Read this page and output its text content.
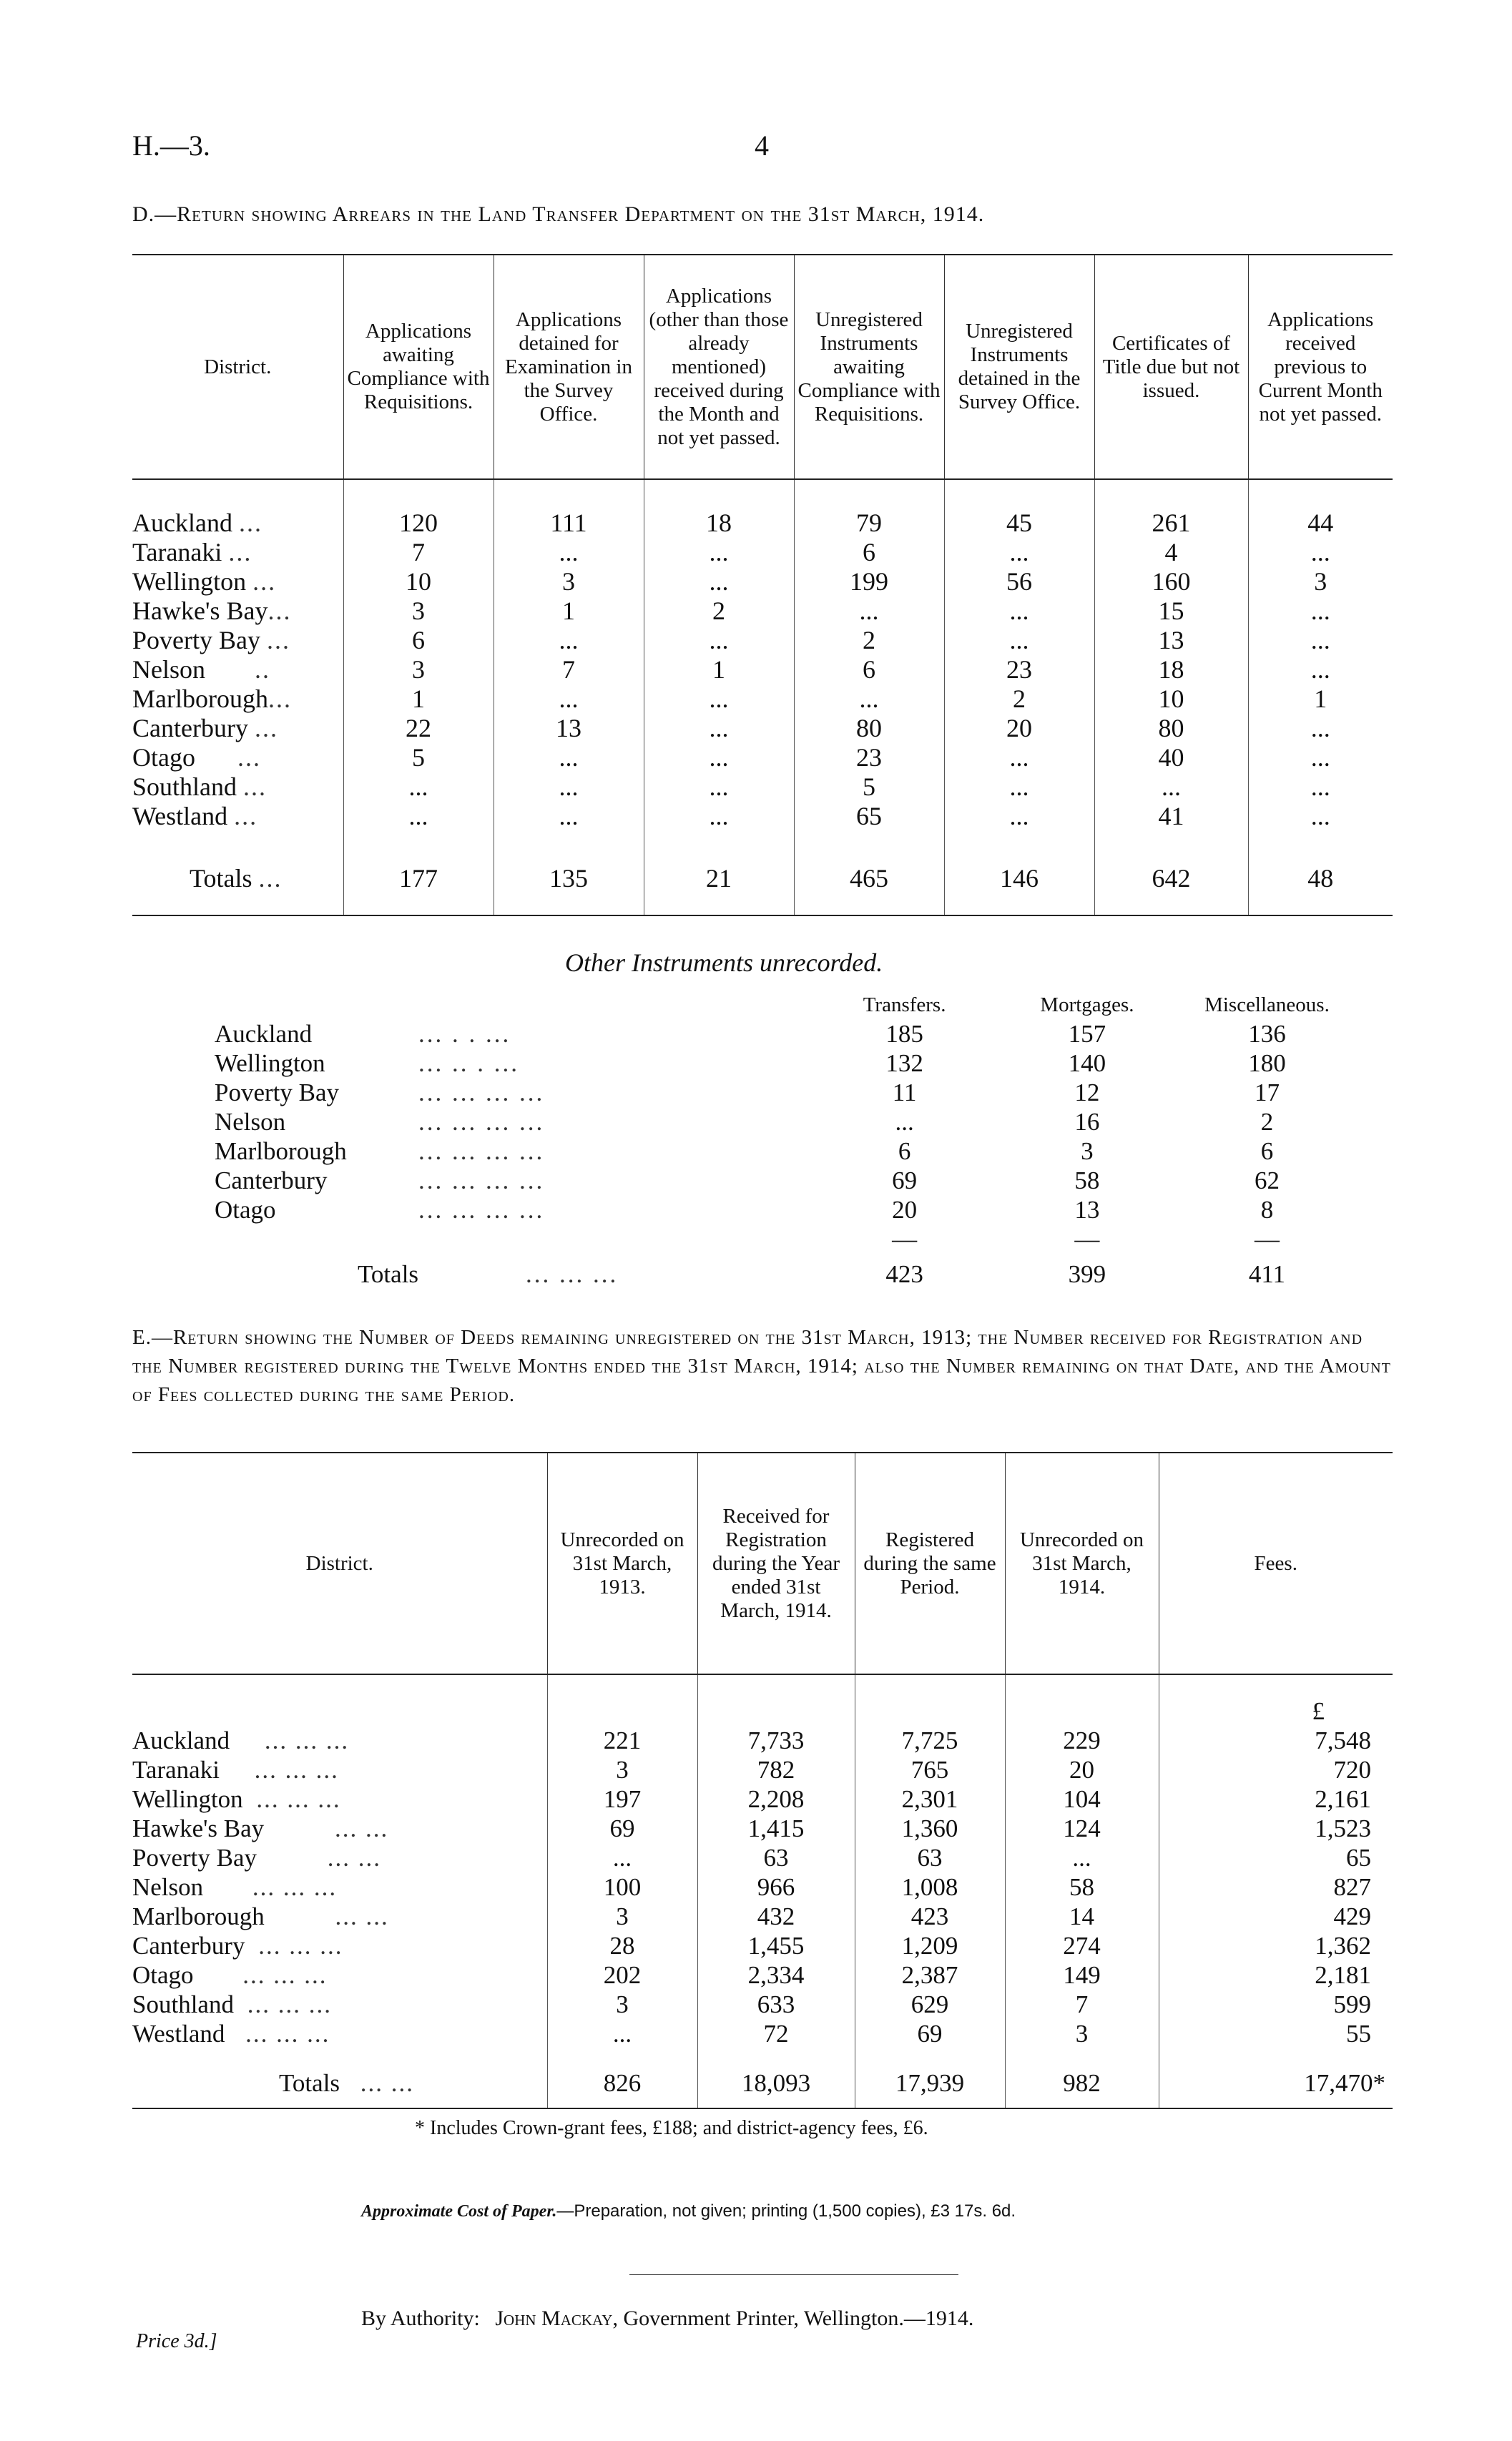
H.—3.	4
D.—Return showing Arrears in the Land Transfer Department on the 31st March, 1914.
District.	Applications awaiting Compliance with Requisitions.	Applications detained for Examination in the Survey Office.	Applications (other than those already mentioned) received during the Month and not yet passed.	Unregistered Instruments awaiting Compliance with Requisitions.	Unregistered Instruments detained in the Survey Office.	Certificates of Title due but not issued.	Applications received previous to Current Month not yet passed.
Auckland ...	120	111	18	79	45	261	44
Taranaki ...	7	...	...	6	...	4	...
Wellington ...	10	3	...	199	56	160	3
Hawke's Bay...	3	1	2	...	...	15	...
Poverty Bay ...	6	...	...	2	...	13	...
Nelson ..	3	7	1	6	23	18	...
Marlborough...	1	...	...	...	2	10	1
Canterbury ...	22	13	...	80	20	80	...
Otago ...	5	...	...	23	...	40	...
Southland ...	...	...	...	5	...	...	...
Westland ...	...	...	...	65	...	41	...
Totals ...	177	135	21	465	146	642	48
Other Instruments unrecorded.
		Transfers.	Mortgages.	Miscellaneous.
Auckland	... . . ...	185	157	136
Wellington	... .. . ...	132	140	180
Poverty Bay	... ... ... ...	11	12	17
Nelson	... ... ... ...	...	16	2
Marlborough	... ... ... ...	6	3	6
Canterbury	... ... ... ...	69	58	62
Otago	... ... ... ...	20	13	8
		—	—	—
Totals	... ... ...	423	399	411
E.—Return showing the Number of Deeds remaining unregistered on the 31st March, 1913; the Number received for Registration and the Number registered during the Twelve Months ended the 31st March, 1914; also the Number remaining on that Date, and the Amount of Fees collected during the same Period.
District.	Unrecorded on 31st March, 1913.	Received for Registration during the Year ended 31st March, 1914.	Registered during the same Period.	Unrecorded on 31st March, 1914.	Fees.
					£
Auckland ... ... ...	221	7,733	7,725	229	7,548
Taranaki ... ... ...	3	782	765	20	720
Wellington ... ... ...	197	2,208	2,301	104	2,161
Hawke's Bay ... ...	69	1,415	1,360	124	1,523
Poverty Bay ... ...	...	63	63	...	65
Nelson ... ... ...	100	966	1,008	58	827
Marlborough ... ...	3	432	423	14	429
Canterbury ... ... ...	28	1,455	1,209	274	1,362
Otago ... ... ...	202	2,334	2,387	149	2,181
Southland ... ... ...	3	633	629	7	599
Westland ... ... ...	...	72	69	3	55
Totals ... ...	826	18,093	17,939	982	17,470*
* Includes Crown-grant fees, £188; and district-agency fees, £6.
Approximate Cost of Paper.—Preparation, not given; printing (1,500 copies), £3 17s. 6d.
By Authority: John Mackay, Government Printer, Wellington.—1914.
Price 3d.]
